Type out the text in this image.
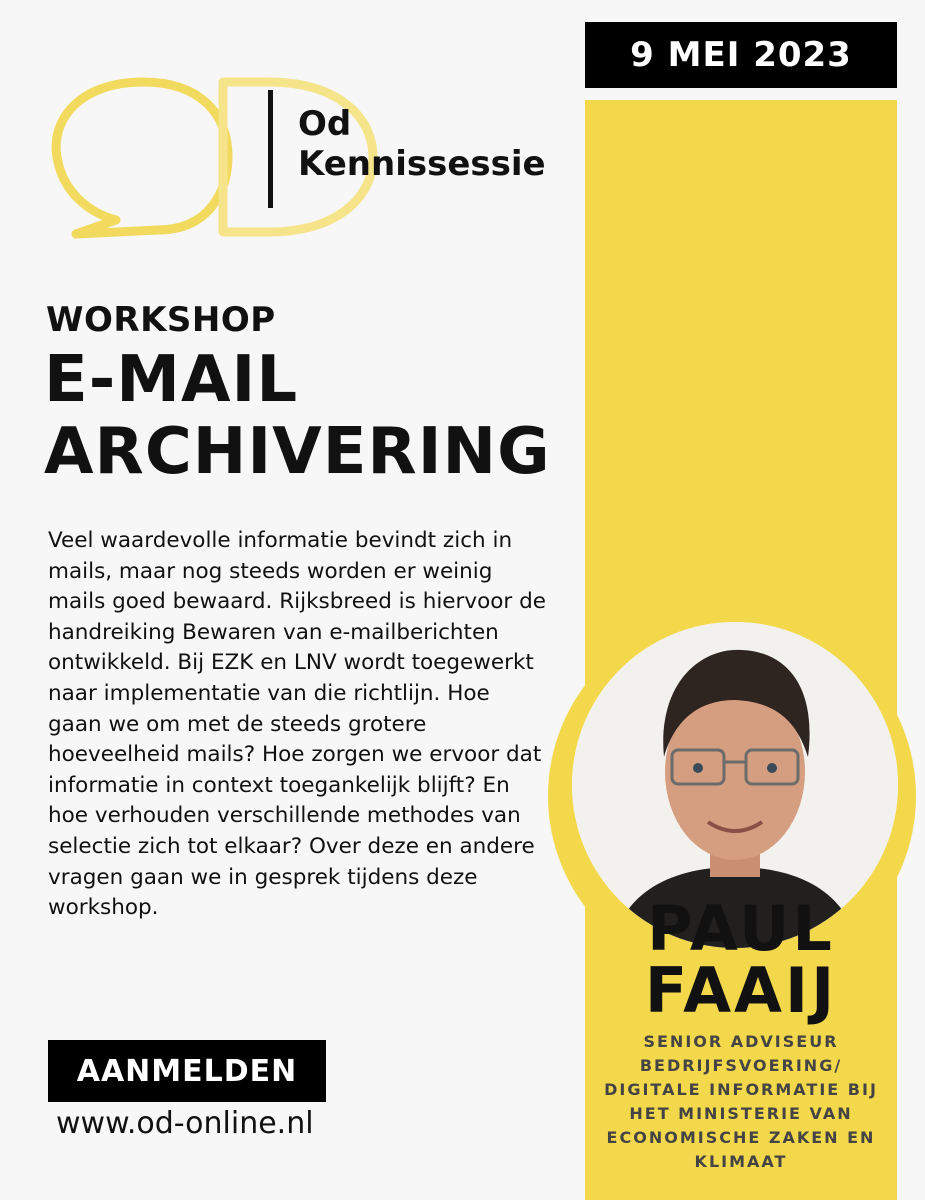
9 MEI 2023
Od
Kennissessie
WORKSHOP
E-MAIL
ARCHIVERING
Veel waardevolle informatie bevindt zich in mails, maar nog steeds worden er weinig mails goed bewaard. Rijksbreed is hiervoor de handreiking Bewaren van e-mailberichten ontwikkeld. Bij EZK en LNV wordt toegewerkt naar implementatie van die richtlijn. Hoe gaan we om met de steeds grotere hoeveelheid mails? Hoe zorgen we ervoor dat informatie in context toegankelijk blijft? En hoe verhouden verschillende methodes van selectie zich tot elkaar? Over deze en andere vragen gaan we in gesprek tijdens deze workshop.
AANMELDEN
www.od-online.nl
PAUL
FAAIJ
SENIOR ADVISEUR BEDRIJFSVOERING/ DIGITALE INFORMATIE BIJ HET MINISTERIE VAN ECONOMISCHE ZAKEN EN KLIMAAT
